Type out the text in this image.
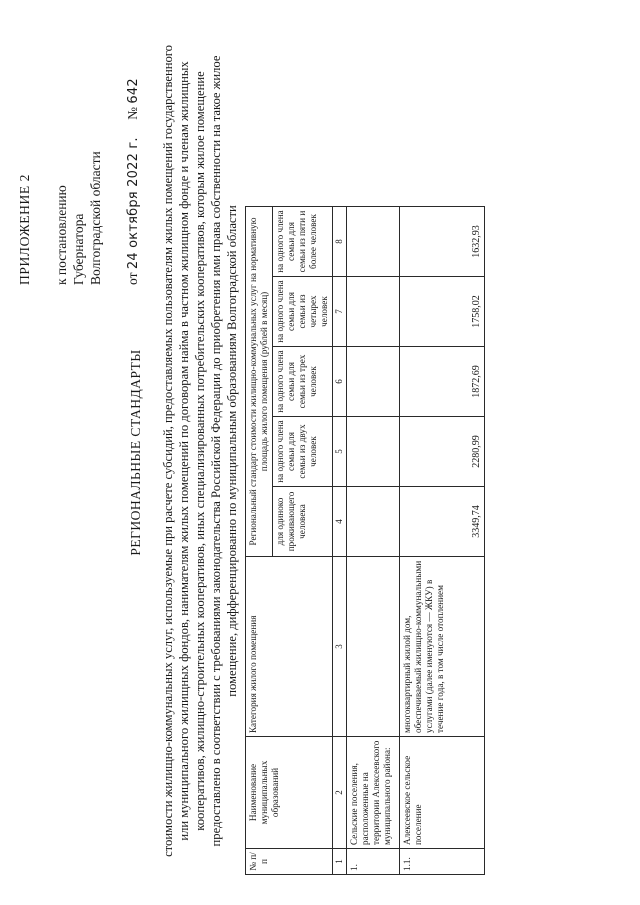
ПРИЛОЖЕНИЕ 2 к постановлению Губернатора Волгоградской области от 24 октября 2022 г. № 642
РЕГИОНАЛЬНЫЕ СТАНДАРТЫ стоимости жилищно-коммунальных услуг, используемые при расчете субсидий, предоставляемых пользователям жилых помещений государственного или муниципального жилищных фондов, нанимателям жилых помещений по договорам найма в частном жилищном фонде и членам жилищных кооперативов, жилищно-строительных кооперативов, иных специализированных потребительских кооперативов, которым жилое помещение предоставлено в соответствии с требованиями законодательства Российской Федерации до приобретения ими права собственности на такое жилое помещение, дифференцированно по муниципальным образованиям Волгоградской области
№ п/п	Наименование муниципальных образований	Категория жилого помещения	Региональный стандарт стоимости жилищно-коммунальных услуг на нормативную площадь жилого помещения (рублей в месяц)				
			для одиноко проживающего человека	на одного члена семьи для семьи из двух человек	на одного члена семьи для семьи из трех человек	на одного члена семьи для семьи из четырех человек	на одного члена семьи для семьи из пяти и более человек
1	2	3	4	5	6	7	8
1.	Сельские поселения, расположенные на территории Алексеевского муниципального района:						
1.1.	Алексеевское сельское поселение	многоквартирный жилой дом, обеспечиваемый жилищно-коммунальными услугами (далее именуются — ЖКУ) в течение года, в том числе отоплением	3349,74	2280,99	1872,69	1758,02	1632,93
